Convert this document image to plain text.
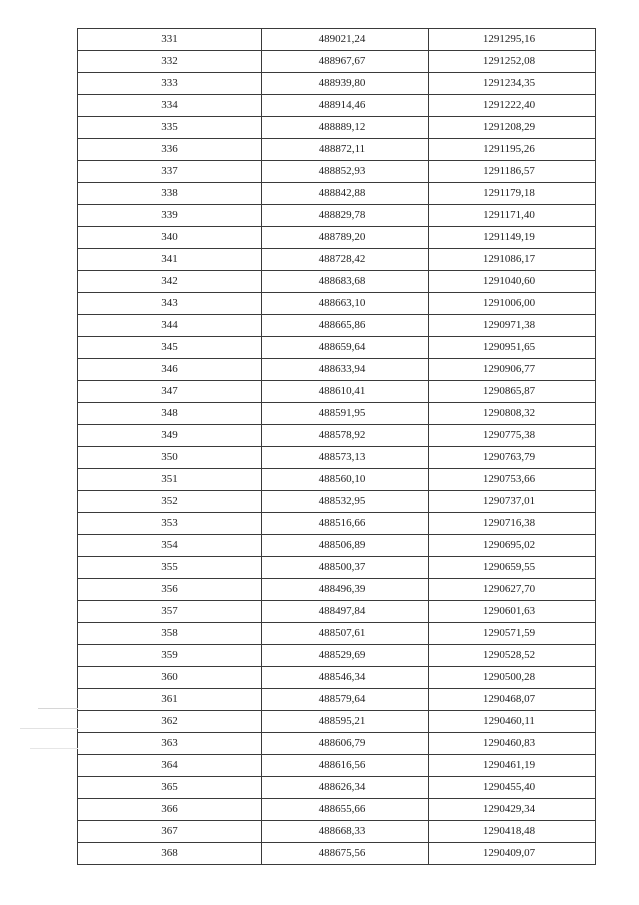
331	489021,24	1291295,16
332	488967,67	1291252,08
333	488939,80	1291234,35
334	488914,46	1291222,40
335	488889,12	1291208,29
336	488872,11	1291195,26
337	488852,93	1291186,57
338	488842,88	1291179,18
339	488829,78	1291171,40
340	488789,20	1291149,19
341	488728,42	1291086,17
342	488683,68	1291040,60
343	488663,10	1291006,00
344	488665,86	1290971,38
345	488659,64	1290951,65
346	488633,94	1290906,77
347	488610,41	1290865,87
348	488591,95	1290808,32
349	488578,92	1290775,38
350	488573,13	1290763,79
351	488560,10	1290753,66
352	488532,95	1290737,01
353	488516,66	1290716,38
354	488506,89	1290695,02
355	488500,37	1290659,55
356	488496,39	1290627,70
357	488497,84	1290601,63
358	488507,61	1290571,59
359	488529,69	1290528,52
360	488546,34	1290500,28
361	488579,64	1290468,07
362	488595,21	1290460,11
363	488606,79	1290460,83
364	488616,56	1290461,19
365	488626,34	1290455,40
366	488655,66	1290429,34
367	488668,33	1290418,48
368	488675,56	1290409,07
